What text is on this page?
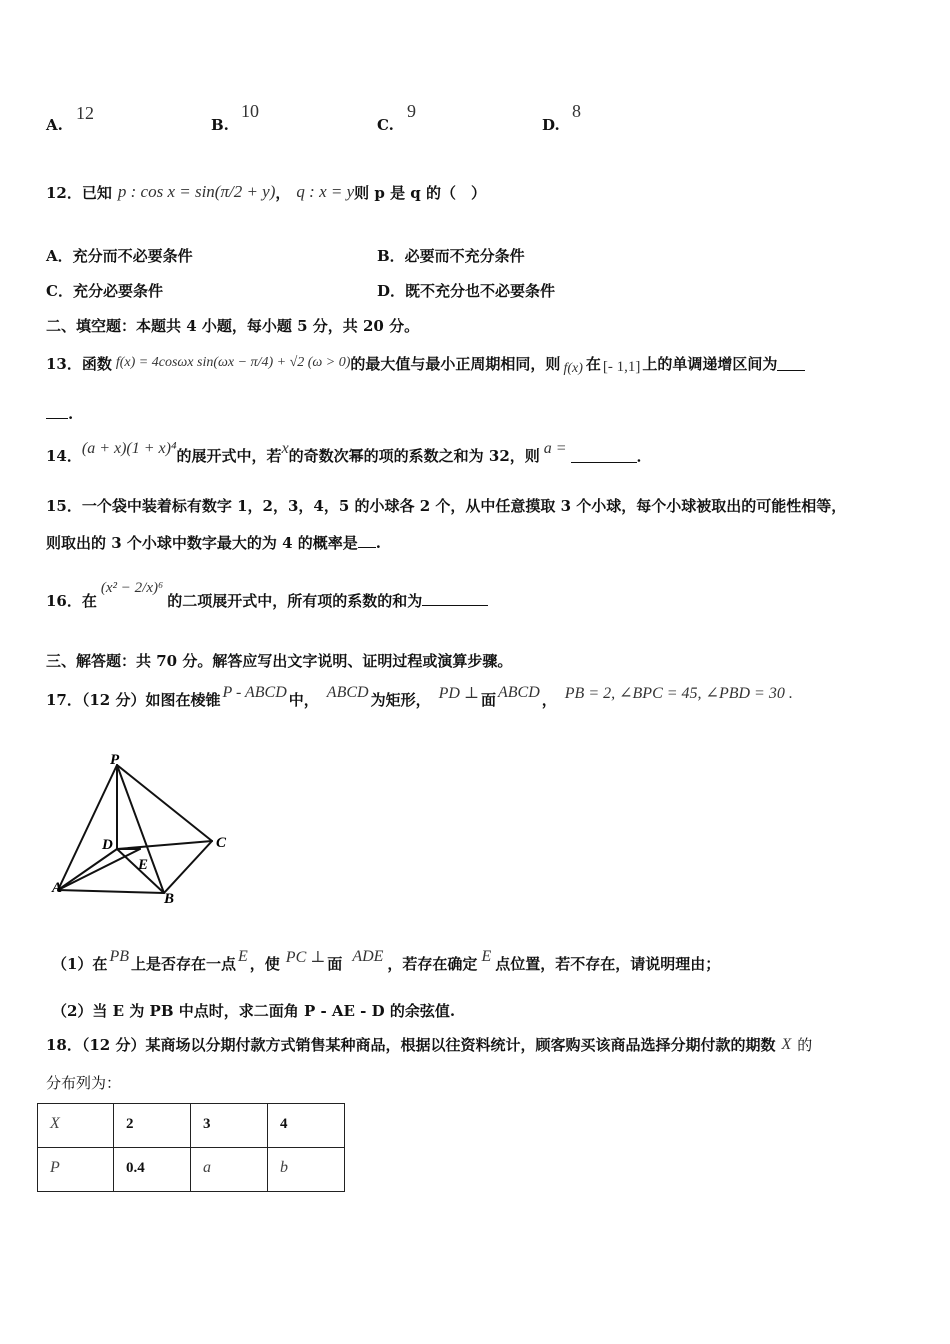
A.
12
B.
10
C.
9
D.
8
12．已知 p : cos x = sin(π/2 + y) ， q : x = y 则 p 是 q 的（　）
A．充分而不必要条件	B．必要而不充分条件
C．充分必要条件	D．既不充分也不必要条件
二、填空题：本题共 4 小题，每小题 5 分，共 20 分。
13．函数 f(x) = 4cosωx sin(ωx − π/4) + √2 (ω > 0) 的最大值与最小正周期相同，则 f(x) 在 [- 1,1] 上的单调递增区间为
.
14． (a + x)(1 + x)⁴ 的展开式中，若 x 的奇数次幂的项的系数之和为 32，则 a =	．
15．一个袋中装着标有数字 1，2，3，4，5 的小球各 2 个，从中任意摸取 3 个小球，每个小球被取出的可能性相等，
则取出的 3 个小球中数字最大的为 4 的概率是 .
16．在
(x² − 2/x)⁶
的二项展开式中，所有项的系数的和为
三、解答题：共 70 分。解答应写出文字说明、证明过程或演算步骤。
17．（12 分）如图在棱锥 P - ABCD 中， ABCD 为矩形， PD ⊥ 面 ABCD ， PB = 2, ∠BPC = 45, ∠PBD = 30 .
P
D
E
C
A
B
（1）在 PB 上是否存在一点 E ，使 PC ⊥ 面 ADE ，若存在确定 E 点位置，若不存在，请说明理由；
（2）当 E 为 PB 中点时，求二面角 P - AE - D 的余弦值.
18．（12 分）某商场以分期付款方式销售某种商品，根据以往资料统计，顾客购买该商品选择分期付款的期数 X 的
分布列为：
X	2	3	4
P	0.4	a	b
